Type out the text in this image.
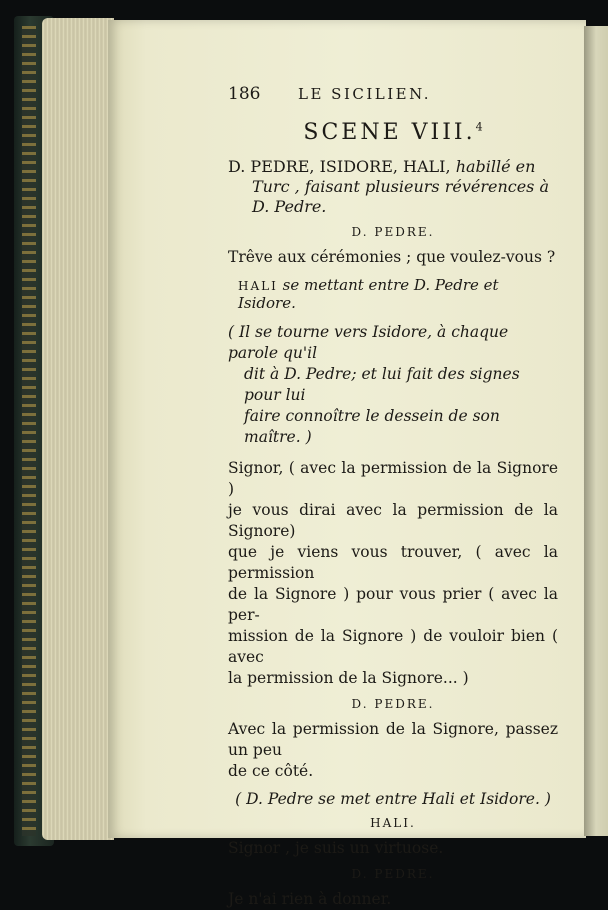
186	LE SICILIEN.
SCENE VIII.$^4$
D. PEDRE, ISIDORE, HALI, habillé en
Turc , faisant plusieurs révérences à
D. Pedre.
D. PEDRE.

Trêve aux cérémonies ; que voulez-vous ?

HALI se mettant entre D. Pedre et Isidore.
( Il se tourne vers Isidore, à chaque parole qu'il
dit à D. Pedre; et lui fait des signes pour lui
faire connoître le dessein de son maître. )
Signor, ( avec la permission de la Signore )
je vous dirai avec la permission de la Signore)
que je viens vous trouver, ( avec la permission
de la Signore ) pour vous prier ( avec la per-
mission de la Signore ) de vouloir bien ( avec
la permission de la Signore... )
D. PEDRE.
Avec la permission de la Signore, passez un peu
de ce côté.
( D. Pedre se met entre Hali et Isidore. )
HALI.

Signor , je suis un virtuose.

D. PEDRE.

Je n'ai rien à donner.
